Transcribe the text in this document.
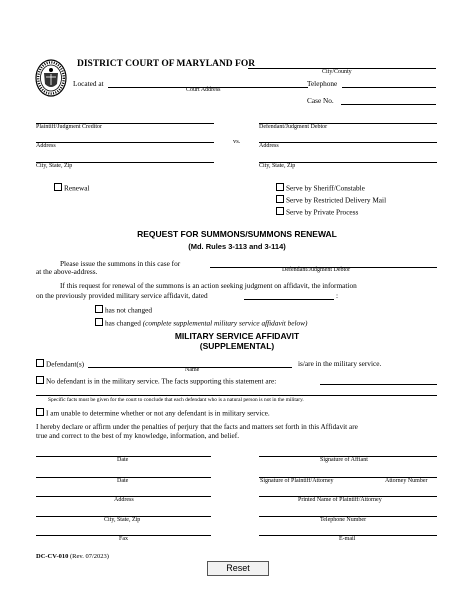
DISTRICT COURT OF MARYLAND FOR
City/County
Located at
Court Address
Telephone
Case No.
Plaintiff/Judgment Creditor	Defendant/Judgment Debtor
vs.
Address	Address
City, State, Zip	City, State, Zip
Renewal	Serve by Sheriff/Constable
Serve by Restricted Delivery Mail
Serve by Private Process
REQUEST FOR SUMMONS/SUMMONS RENEWAL
(Md. Rules 3-113 and 3-114)
Please issue the summons in this case for
Defendant/Judgment Debtor
at the above-address.
If this request for renewal of the summons is an action seeking judgment on affidavit, the information
on the previously provided military service affidavit, dated	:
has not changed
has changed (complete supplemental military service affidavit below)
MILITARY SERVICE AFFIDAVIT
(SUPPLEMENTAL)
Defendant(s)
Name
is/are in the military service.
No defendant is in the military service. The facts supporting this statement are:
Specific facts must be given for the court to conclude that each defendant who is a natural person is not in the military.
I am unable to determine whether or not any defendant is in military service.
I hereby declare or affirm under the penalties of perjury that the facts and matters set forth in this Affidavit are
true and correct to the best of my knowledge, information, and belief.
Date	Signature of Affiant
Date	Signature of Plaintiff/Attorney	Attorney Number
Address	Printed Name of Plaintiff/Attorney
City, State, Zip	Telephone Number
Fax	E-mail
DC-CV-010 (Rev. 07/2023)
Reset
